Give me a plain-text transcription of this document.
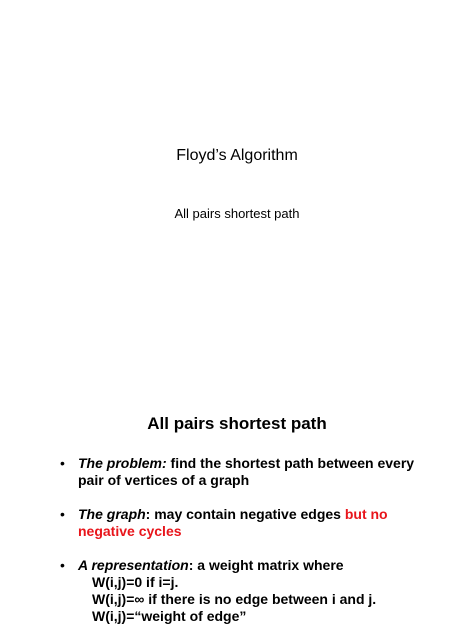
Floyd’s Algorithm
All pairs shortest path
All pairs shortest path
• The problem: find the shortest path between every pair of vertices of a graph
• The graph: may contain negative edges but no negative cycles
• A representation: a weight matrix where
W(i,j)=0 if i=j.
W(i,j)=∞ if there is no edge between i and j.
W(i,j)=“weight of edge”
